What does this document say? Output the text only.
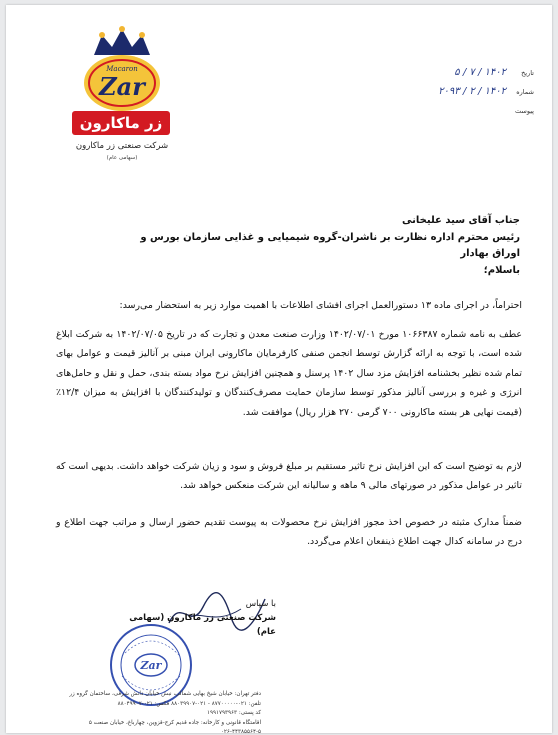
Macaron
Zar
زر ماکارون
شرکت صنعتی زر ماکارون
(سهامی عام)
تاریخ
۱۴۰۲ / ۷ / ۵
شماره
۱۴۰۲ / ۲ / ۲۰۹۳
پیوست
جناب آقای سید علیخانی
رئیس محترم اداره نظارت بر ناشران-گروه شیمیایی و غذایی سازمان بورس و اوراق بهادار
باسلام؛
احتراماً، در اجرای ماده ۱۳ دستورالعمل اجرای افشای اطلاعات با اهمیت موارد زیر به استحضار می‌رسد:
عطف به نامه شماره ۱۰۶۶۳۸۷ مورخ ۱۴۰۲/۰۷/۰۱ وزارت صنعت معدن و تجارت که در تاریخ ۱۴۰۲/۰۷/۰۵ به شرکت ابلاغ شده است، با توجه به ارائه گزارش توسط انجمن صنفی کارفرمایان ماکارونی ایران مبنی بر آنالیز قیمت و عوامل بهای تمام شده نظیر بخشنامه افزایش مزد سال ۱۴۰۲ پرسنل و همچنین افزایش نرخ مواد بسته بندی، حمل و نقل و حامل‌های انرژی و غیره و بررسی آنالیز مذکور توسط سازمان حمایت مصرف‌کنندگان و تولیدکنندگان با افزایش به میزان ۱۲/۴٪ (قیمت نهایی هر بسته ماکارونی ۷۰۰ گرمی ۲۷۰ هزار ریال) موافقت شد.
لازم به توضیح است که این افزایش نرخ تاثیر مستقیم بر مبلغ فروش و سود و زیان شرکت خواهد داشت. بدیهی است که تاثیر در عوامل مذکور در صورتهای مالی ۹ ماهه و سالیانه این شرکت منعکس خواهد شد.
ضمناً مدارک مثبته در خصوص اخذ مجوز افزایش نرخ محصولات به پیوست تقدیم حضور ارسال و مراتب جهت اطلاع و درج در سامانه کدال جهت اطلاع ذینفعان اعلام می‌گردد.
با سپاس
شرکت صنعتی زر ماکارون (سهامی عام)
Zar
دفتر تهران: خیابان شیخ بهایی شمالی، نبش خیابان دانش شرقی، ساختمان گروه زر
تلفن: ۰۲۱-۸۷۷۰۰۰۰۰ - ۰۲۱-۸۸۰۳۹۹۰۷ فکس: ۰۲۱-۸۸۰۴۹۹۰۷
کد پستی: ۱۹۹۱۷۹۳۹۶۳
اقامتگاه قانونی و کارخانه: جاده قدیم کرج-قزوین، چهارباغ، خیابان صنعت ۵
۰۲۶-۴۴۳۸۵۵۶۴-۵
